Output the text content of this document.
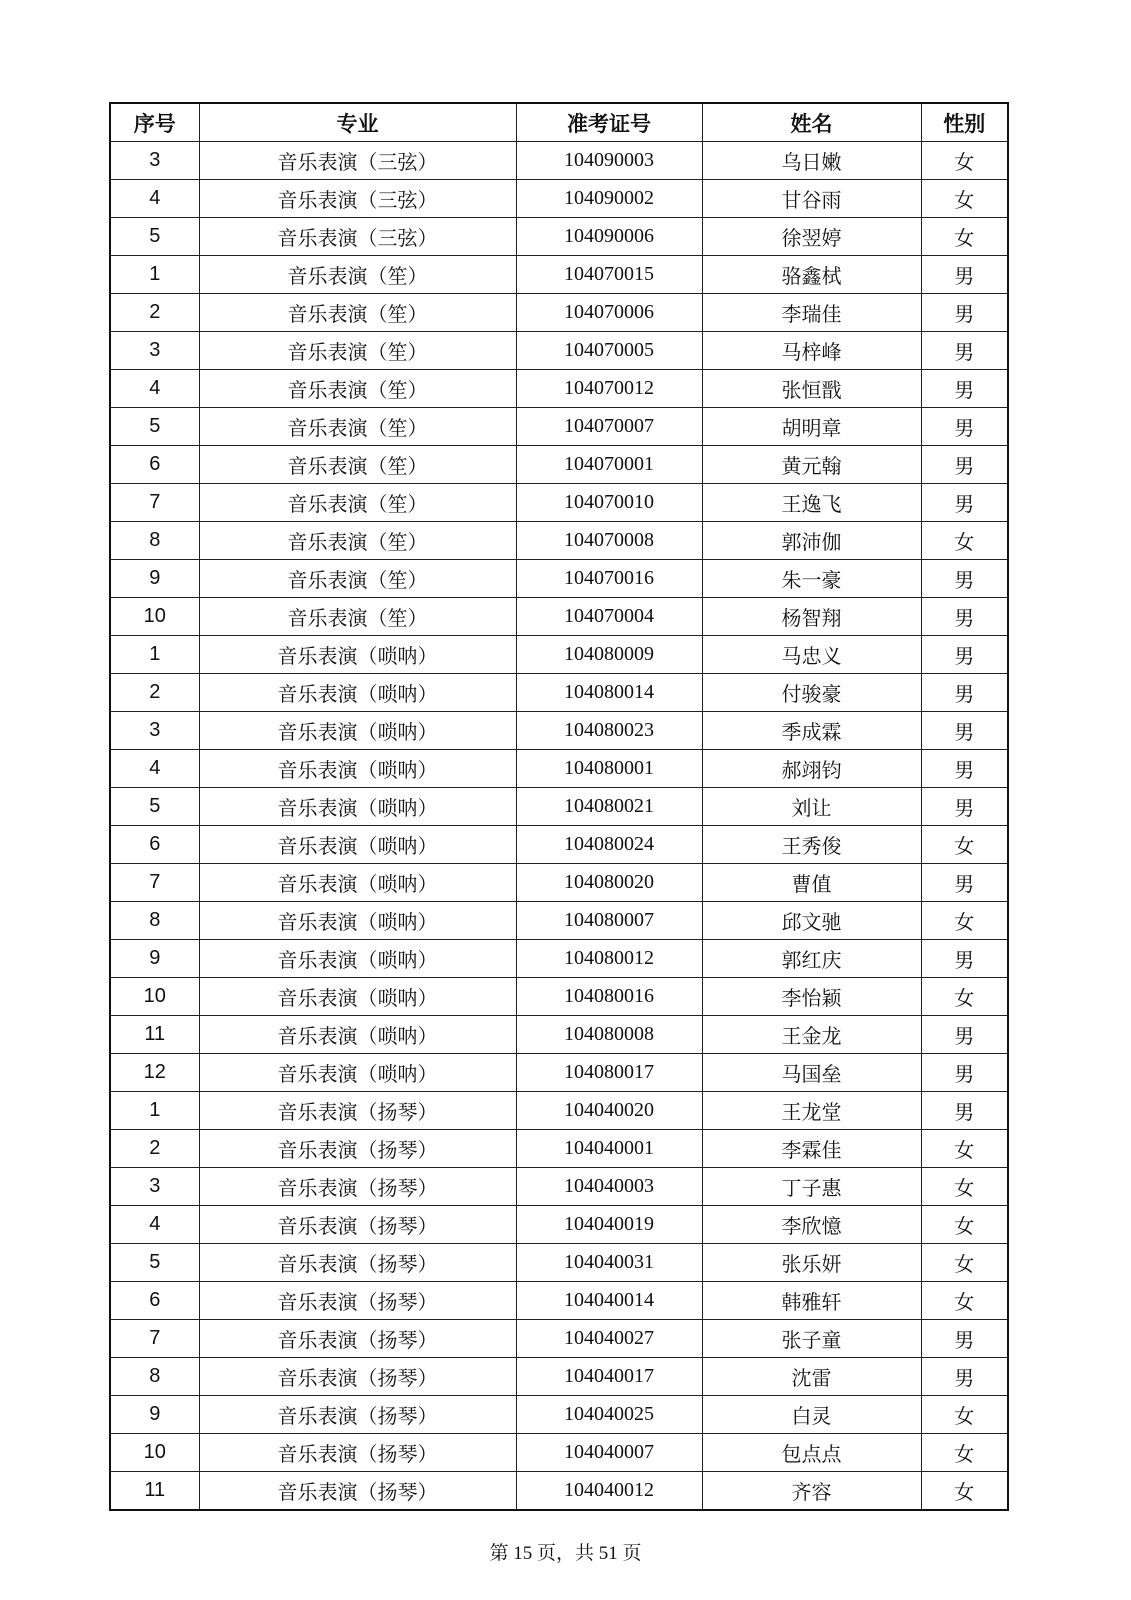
序号	专业	准考证号	姓名	性别
3	音乐表演（三弦）	104090003	乌日嫩	女
4	音乐表演（三弦）	104090002	甘谷雨	女
5	音乐表演（三弦）	104090006	徐翌婷	女
1	音乐表演（笙）	104070015	骆鑫栻	男
2	音乐表演（笙）	104070006	李瑞佳	男
3	音乐表演（笙）	104070005	马梓峰	男
4	音乐表演（笙）	104070012	张恒戬	男
5	音乐表演（笙）	104070007	胡明章	男
6	音乐表演（笙）	104070001	黄元翰	男
7	音乐表演（笙）	104070010	王逸飞	男
8	音乐表演（笙）	104070008	郭沛伽	女
9	音乐表演（笙）	104070016	朱一豪	男
10	音乐表演（笙）	104070004	杨智翔	男
1	音乐表演（唢呐）	104080009	马忠义	男
2	音乐表演（唢呐）	104080014	付骏豪	男
3	音乐表演（唢呐）	104080023	季成霖	男
4	音乐表演（唢呐）	104080001	郝翊钧	男
5	音乐表演（唢呐）	104080021	刘让	男
6	音乐表演（唢呐）	104080024	王秀俊	女
7	音乐表演（唢呐）	104080020	曹值	男
8	音乐表演（唢呐）	104080007	邱文驰	女
9	音乐表演（唢呐）	104080012	郭红庆	男
10	音乐表演（唢呐）	104080016	李怡颖	女
11	音乐表演（唢呐）	104080008	王金龙	男
12	音乐表演（唢呐）	104080017	马国垒	男
1	音乐表演（扬琴）	104040020	王龙堂	男
2	音乐表演（扬琴）	104040001	李霖佳	女
3	音乐表演（扬琴）	104040003	丁子惠	女
4	音乐表演（扬琴）	104040019	李欣憶	女
5	音乐表演（扬琴）	104040031	张乐妍	女
6	音乐表演（扬琴）	104040014	韩雅轩	女
7	音乐表演（扬琴）	104040027	张子童	男
8	音乐表演（扬琴）	104040017	沈雷	男
9	音乐表演（扬琴）	104040025	白灵	女
10	音乐表演（扬琴）	104040007	包点点	女
11	音乐表演（扬琴）	104040012	齐容	女
第 15 页，共 51 页
